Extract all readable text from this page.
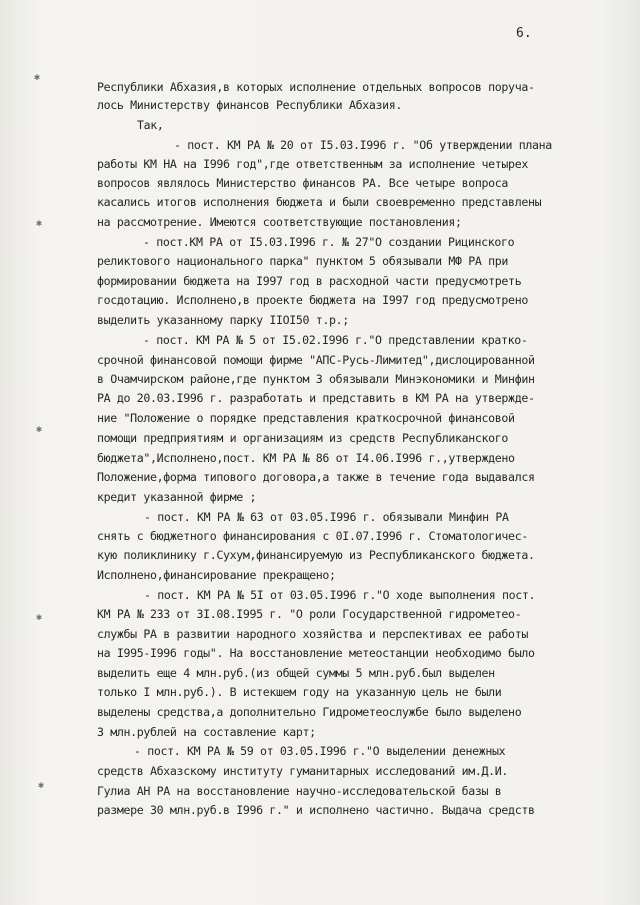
6.
✱
✱
✱
✱
✱
Республики Абхазия,в которых исполнение отдельных вопросов поруча-
лось Министерству финансов Республики Абхазия.
Так,
- пост. КМ РА № 20 от I5.03.I996 г. "Об утверждении плана
работы КМ НА на I996 год",где ответственным за исполнение четырех
вопросов являлось Министерство финансов РА. Все четыре вопроса
касались итогов исполнения бюджета и были своевременно представлены
на рассмотрение. Имеются соответствующие постановления;
- пост.КМ РА от I5.03.I996 г. № 27"О создании Рицинского
реликтового национального парка" пунктом 5 обязывали МФ РА при
формировании бюджета на I997 год в расходной части предусмотреть
госдотацию. Исполнено,в проекте бюджета на I997 год предусмотрено
выделить указанному парку IIOI50 т.р.;
- пост. КМ РА № 5 от I5.02.I996 г."О представлении кратко-
срочной финансовой помощи фирме "АПС-Русь-Лимитед",дислоцированной
в Очамчирском районе,где пунктом 3 обязывали Минэкономики и Минфин
РА до 20.03.I996 г. разработать и представить в КМ РА на утвержде-
ние "Положение о порядке представления краткосрочной финансовой
помощи предприятиям и организациям из средств Республиканского
бюджета",Исполнено,пост. КМ РА № 86 от I4.06.I996 г.,утверждено
Положение,форма типового договора,а также в течение года выдавался
кредит указанной фирме ;
- пост. КМ РА № 63 от 03.05.I996 г. обязывали Минфин РА
снять с бюджетного финансирования с 0I.07.I996 г. Стоматологичес-
кую поликлинику г.Сухум,финансируемую из Республиканского бюджета.
Исполнено,финансирование прекращено;
- пост. КМ РА № 5I от 03.05.I996 г."О ходе выполнения пост.
КМ РА № 233 от 3I.08.I995 г. "О роли Государственной гидрометео-
службы РА в развитии народного хозяйства и перспективах ее работы
на I995-I996 годы". На восстановление метеостанции необходимо было
выделить еще 4 млн.руб.(из общей суммы 5 млн.руб.был выделен
только I млн.руб.). В истекшем году на указанную цель не были
выделены средства,а дополнительно Гидрометеослужбе было выделено
3 млн.рублей на составление карт;
- пост. КМ РА № 59 от 03.05.I996 г."О выделении денежных
средств Абхазскому институту гуманитарных исследований им.Д.И.
Гулиа АН РА на восстановление научно-исследовательской базы в
размере 30 млн.руб.в I996 г." и исполнено частично. Выдача средств
